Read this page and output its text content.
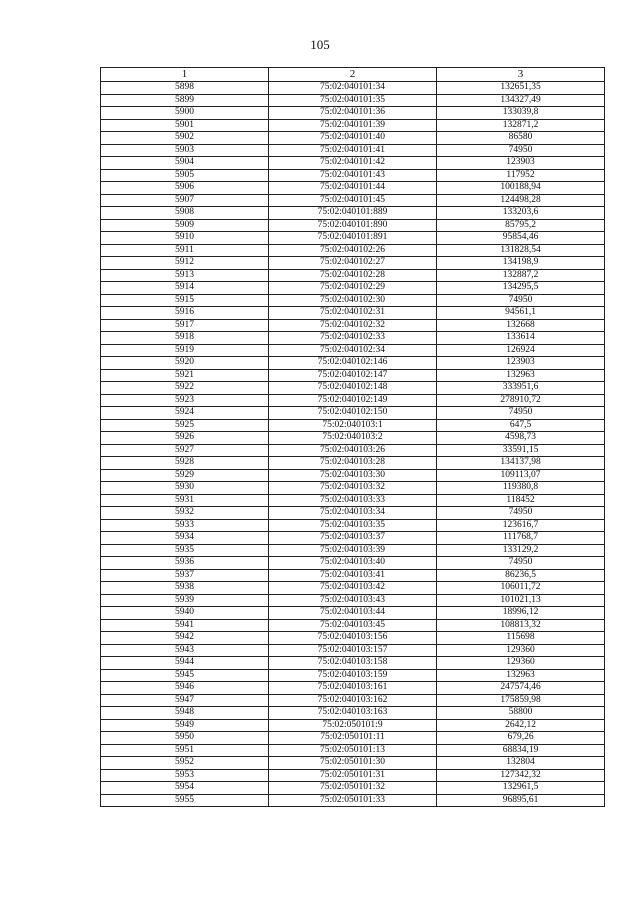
105
1	2	3
5898	75:02:040101:34	132651,35
5899	75:02:040101:35	134327,49
5900	75:02:040101:36	133039,8
5901	75:02:040101:39	132871,2
5902	75:02:040101:40	86580
5903	75:02:040101:41	74950
5904	75:02:040101:42	123903
5905	75:02:040101:43	117952
5906	75:02:040101:44	100188,94
5907	75:02:040101:45	124498,28
5908	75:02:040101:889	133203,6
5909	75:02:040101:890	85795,2
5910	75:02:040101:891	95854,46
5911	75:02:040102:26	131828,54
5912	75:02:040102:27	134198,9
5913	75:02:040102:28	132887,2
5914	75:02:040102:29	134295,5
5915	75:02:040102:30	74950
5916	75:02:040102:31	94561,1
5917	75:02:040102:32	132668
5918	75:02:040102:33	133614
5919	75:02:040102:34	126924
5920	75:02:040102:146	123903
5921	75:02:040102:147	132963
5922	75:02:040102:148	333951,6
5923	75:02:040102:149	278910,72
5924	75:02:040102:150	74950
5925	75:02:040103:1	647,5
5926	75:02:040103:2	4598,73
5927	75:02:040103:26	33591,15
5928	75:02:040103:28	134137,98
5929	75:02:040103:30	109113,07
5930	75:02:040103:32	119380,8
5931	75:02:040103:33	118452
5932	75:02:040103:34	74950
5933	75:02:040103:35	123616,7
5934	75:02:040103:37	111768,7
5935	75:02:040103:39	133129,2
5936	75:02:040103:40	74950
5937	75:02:040103:41	86236,5
5938	75:02:040103:42	106011,72
5939	75:02:040103:43	101021,13
5940	75:02:040103:44	18996,12
5941	75:02:040103:45	108813,32
5942	75:02:040103:156	115698
5943	75:02:040103:157	129360
5944	75:02:040103:158	129360
5945	75:02:040103:159	132963
5946	75:02:040103:161	247574,46
5947	75:02:040103:162	175859,98
5948	75:02:040103:163	58800
5949	75:02:050101:9	2642,12
5950	75:02:050101:11	679,26
5951	75:02:050101:13	68834,19
5952	75:02:050101:30	132804
5953	75:02:050101:31	127342,32
5954	75:02:050101:32	132961,5
5955	75:02:050101:33	96895,61
